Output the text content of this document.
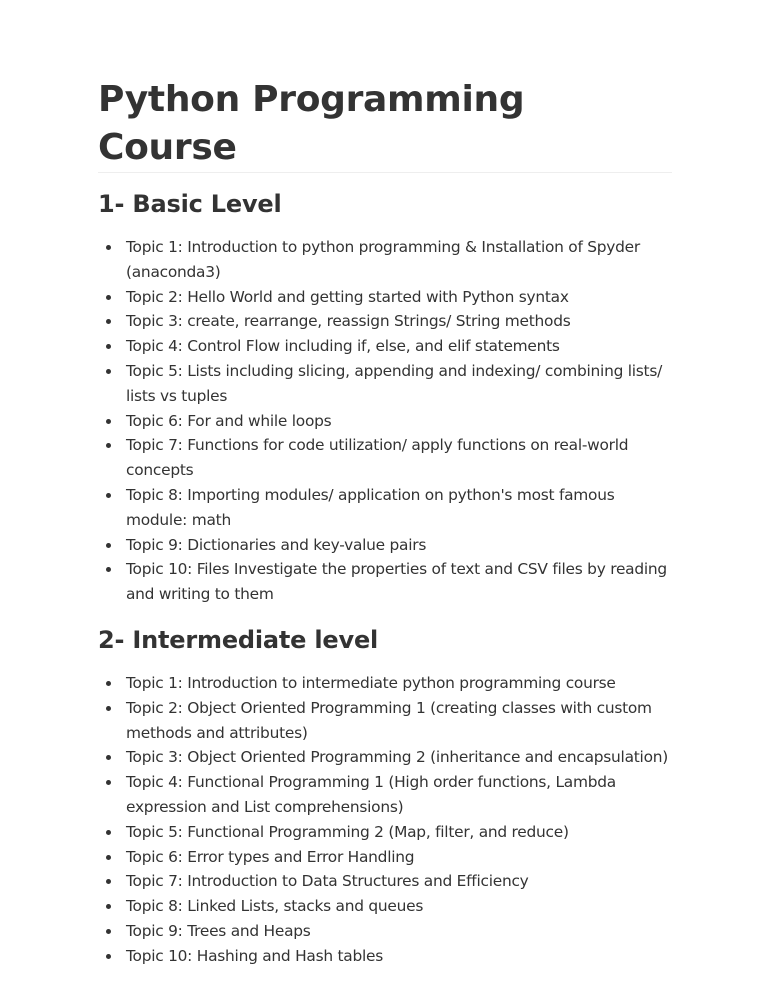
Python Programming Course
1- Basic Level
Topic 1: Introduction to python programming & Installation of Spyder (anaconda3)
Topic 2: Hello World and getting started with Python syntax
Topic 3: create, rearrange, reassign Strings/ String methods
Topic 4: Control Flow including if, else, and elif statements
Topic 5: Lists including slicing, appending and indexing/ combining lists/ lists vs tuples
Topic 6: For and while loops
Topic 7: Functions for code utilization/ apply functions on real-world concepts
Topic 8: Importing modules/ application on python's most famous module: math
Topic 9: Dictionaries and key-value pairs
Topic 10: Files Investigate the properties of text and CSV files by reading and writing to them
2- Intermediate level
Topic 1: Introduction to intermediate python programming course
Topic 2: Object Oriented Programming 1 (creating classes with custom methods and attributes)
Topic 3: Object Oriented Programming 2 (inheritance and encapsulation)
Topic 4: Functional Programming 1 (High order functions, Lambda expression and List comprehensions)
Topic 5: Functional Programming 2 (Map, filter, and reduce)
Topic 6: Error types and Error Handling
Topic 7: Introduction to Data Structures and Efficiency
Topic 8: Linked Lists, stacks and queues
Topic 9: Trees and Heaps
Topic 10: Hashing and Hash tables
